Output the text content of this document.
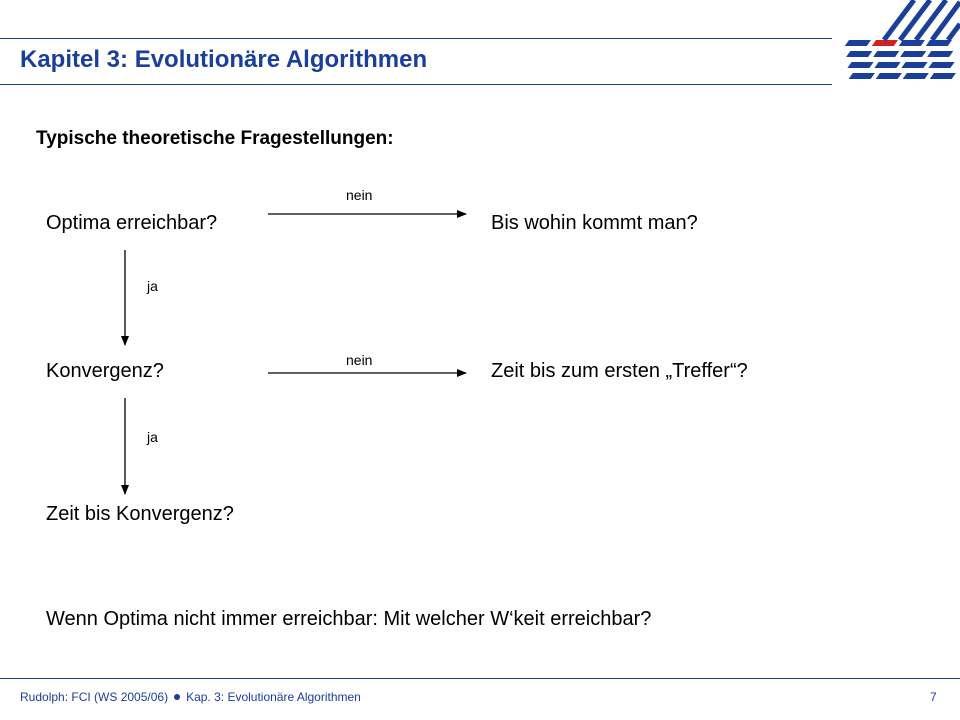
Kapitel 3: Evolutionäre Algorithmen
Typische theoretische Fragestellungen:
Optima erreichbar?	Bis wohin kommt man?
Konvergenz?	Zeit bis zum ersten „Treffer“?
Zeit bis Konvergenz?
Wenn Optima nicht immer erreichbar: Mit welcher W‘keit erreichbar?
nein
nein
ja
ja
Rudolph: FCI (WS 2005/06) Kap. 3: Evolutionäre Algorithmen	7
